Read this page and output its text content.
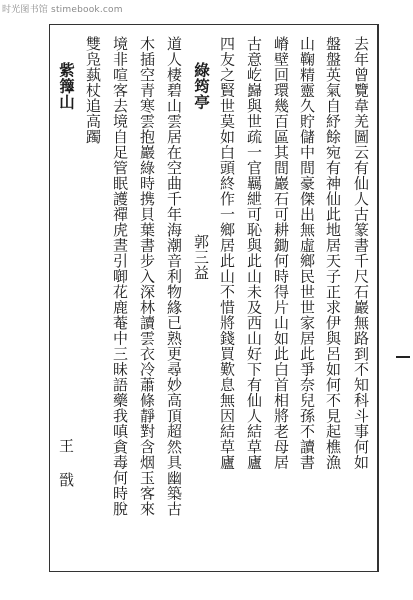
时光图书馆 stimebook.com
去年曾覽韋羌圖云有仙人古篆書千尺石巖無路到不知科斗事何如
盤盤英氣自紓餘宛有神仙此地居天子正求伊與呂如何不見起樵漁
山鞠精靈久貯儲中間豪傑出無虛鄉民世世家居此爭奈兒孫不讀書
嵴壁回環幾百區其間巖石可耕鋤何時得片山如此白首相將老母居
古意屹巋與世疏一官羈紲可恥與此山未及西山好下有仙人結草廬
四友之賢世莫如白頭終作一鄉居此山不惜將錢買歎息無因結草廬
綠筠亭
郭三益
道人棲碧山雲居在空曲千年海潮音利物緣已熟更尋妙高頂超然具幽築古
木插空青寒雲抱巖綠時携貝葉書步入深林讀雲衣冷蕭條靜對含烟玉客來
境非喧客去境自足管眠護禪虎晝引啣花鹿菴中三昧語藥我嗔貪毒何時脫
雙凫蓺杖追高躅
紫籜山
王 戩
